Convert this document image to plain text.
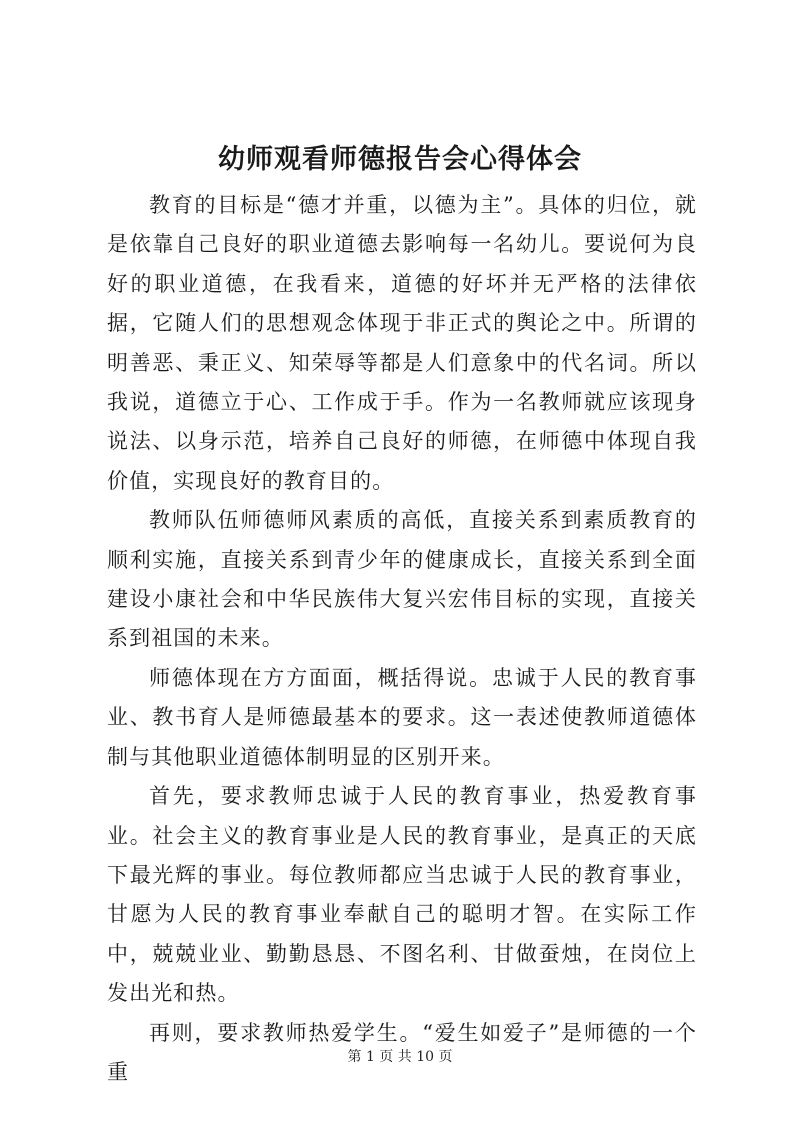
幼师观看师德报告会心得体会

教育的目标是“德才并重，以德为主”。具体的归位，就是依靠自己良好的职业道德去影响每一名幼儿。要说何为良好的职业道德，在我看来，道德的好坏并无严格的法律依据，它随人们的思想观念体现于非正式的舆论之中。所谓的明善恶、秉正义、知荣辱等都是人们意象中的代名词。所以我说，道德立于心、工作成于手。作为一名教师就应该现身说法、以身示范，培养自己良好的师德，在师德中体现自我价值，实现良好的教育目的。

教师队伍师德师风素质的高低，直接关系到素质教育的顺利实施，直接关系到青少年的健康成长，直接关系到全面建设小康社会和中华民族伟大复兴宏伟目标的实现，直接关系到祖国的未来。

师德体现在方方面面，概括得说。忠诚于人民的教育事业、教书育人是师德最基本的要求。这一表述使教师道德体制与其他职业道德体制明显的区别开来。

首先，要求教师忠诚于人民的教育事业，热爱教育事业。社会主义的教育事业是人民的教育事业，是真正的天底下最光辉的事业。每位教师都应当忠诚于人民的教育事业，甘愿为人民的教育事业奉献自己的聪明才智。在实际工作中，兢兢业业、勤勤恳恳、不图名利、甘做蚕烛，在岗位上发出光和热。

再则，要求教师热爱学生。“爱生如爱子”是师德的一个重

第 1 页 共 10 页
